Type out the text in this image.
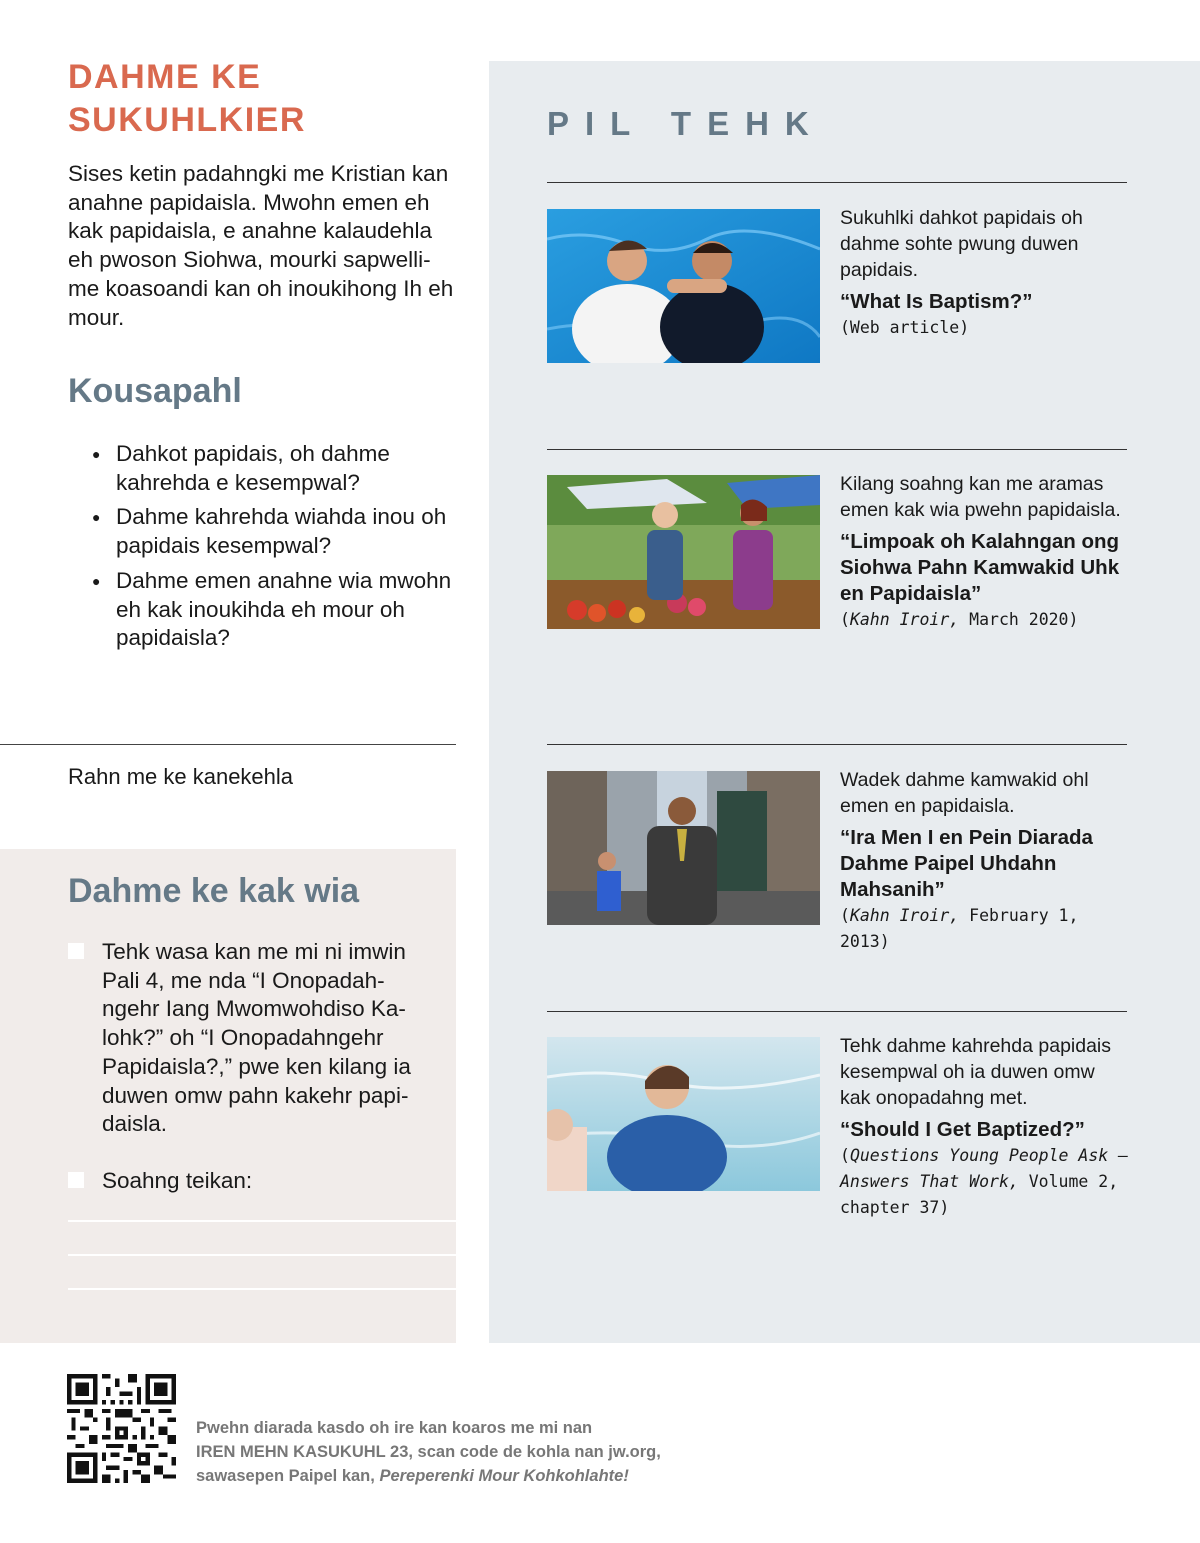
DAHME KE
SUKUHLKIER

Sises ketin padahngki me Kristian kan anahne papidaisla. Mwohn emen eh kak papidaisla, e anahne kalaudehla eh pwoson Siohwa, mourki sapwelli-me koasoandi kan oh inoukihong Ih eh mour.

Kousapahl
● Dahkot papidais, oh dahme kahrehda e kesempwal?
● Dahme kahrehda wiahda inou oh papidais kesempwal?
● Dahme emen anahne wia mwohn eh kak inoukihda eh mour oh papidaisla?
Rahn me ke kanekehla
Dahme ke kak wia
Tehk wasa kan me mi ni imwin Pali 4, me nda “I Onopadah-ngehr Iang Mwomwohdiso Ka-lohk?” oh “I Onopadahngehr Papidaisla?,” pwe ken kilang ia duwen omw pahn kakehr papi-daisla.
Soahng teikan:
PIL TEHK
Sukuhlki dahkot papidais oh dahme sohte pwung duwen papidais.
“What Is Baptism?”
(Web article)
Kilang soahng kan me aramas emen kak wia pwehn papidaisla.
“Limpoak oh Kalahngan ong Siohwa Pahn Kamwakid Uhk en Papidaisla”
(Kahn Iroir, March 2020)
Wadek dahme kamwakid ohl emen en papidaisla.
“Ira Men I en Pein Diarada Dahme Paipel Uhdahn Mahsanih”
(Kahn Iroir, February 1, 2013)
Tehk dahme kahrehda papidais kesempwal oh ia duwen omw kak onopadahng met.
“Should I Get Baptized?”
(Questions Young People Ask —Answers That Work, Volume 2, chapter 37)
Pwehn diarada kasdo oh ire kan koaros me mi nan
IREN MEHN KASUKUHL 23, scan code de kohla nan jw.org,
sawasepen Paipel kan, Pereperenki Mour Kohkohlahte!
